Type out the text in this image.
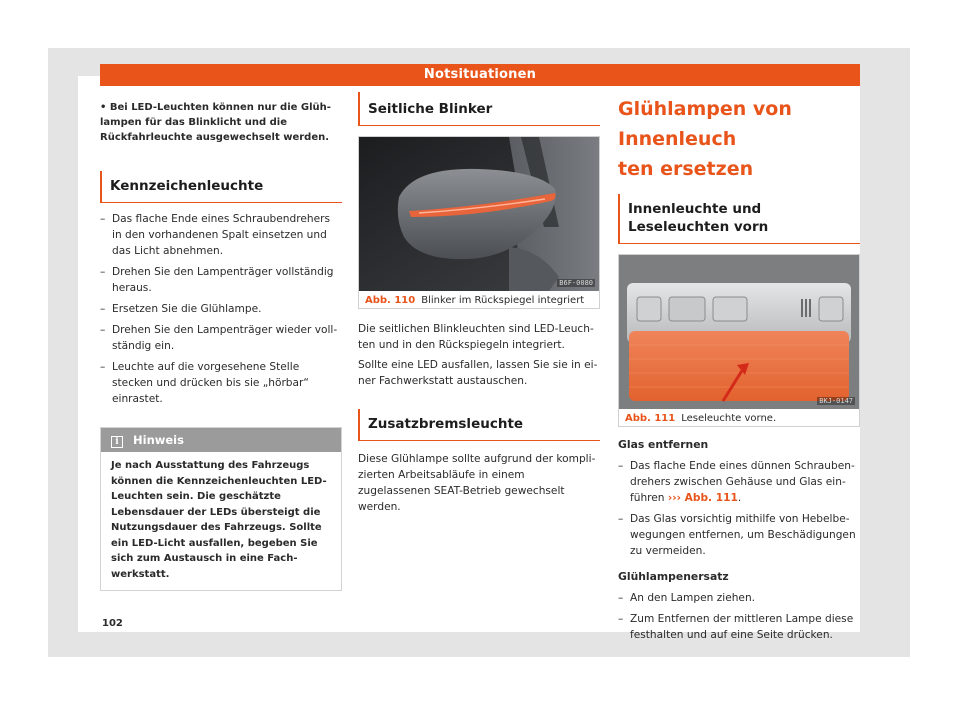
Notsituationen

• Bei LED-Leuchten können nur die Glühlampen für das Blinklicht und die Rückfahrleuchte ausgewechselt werden.

Kennzeichenleuchte
– Das flache Ende eines Schraubendrehers in den vorhandenen Spalt einsetzen und das Licht abnehmen.
– Drehen Sie den Lampenträger vollständig heraus.
– Ersetzen Sie die Glühlampe.
– Drehen Sie den Lampenträger wieder vollständig ein.
– Leuchte auf die vorgesehene Stelle stecken und drücken bis sie „hörbar“ einrastet.
i Hinweis
Je nach Ausstattung des Fahrzeugs können die Kennzeichenleuchten LED-Leuchten sein. Die geschätzte Lebensdauer der LEDs übersteigt die Nutzungsdauer des Fahrzeugs. Sollte ein LED-Licht ausfallen, begeben Sie sich zum Austausch in eine Fachwerkstatt.
Seitliche Blinker
B6F-0080
Abb. 110 Blinker im Rückspiegel integriert

Die seitlichen Blinkleuchten sind LED-Leuchten und in den Rückspiegeln integriert.

Sollte eine LED ausfallen, lassen Sie sie in einer Fachwerkstatt austauschen.

Zusatzbremsleuchte

Diese Glühlampe sollte aufgrund der komplizierten Arbeitsabläufe in einem zugelassenen SEAT-Betrieb gewechselt werden.

Glühlampen von Innenleuch
ten ersetzen
Innenleuchte und Leseleuchten vorn
BKJ-0147
Abb. 111 Leseleuchte vorne.
Glas entfernen
– Das flache Ende eines dünnen Schraubendrehers zwischen Gehäuse und Glas einführen ››› Abb. 111.
– Das Glas vorsichtig mithilfe von Hebelbewegungen entfernen, um Beschädigungen zu vermeiden.
Glühlampenersatz
– An den Lampen ziehen.
– Zum Entfernen der mittleren Lampe diese festhalten und auf eine Seite drücken.
102
